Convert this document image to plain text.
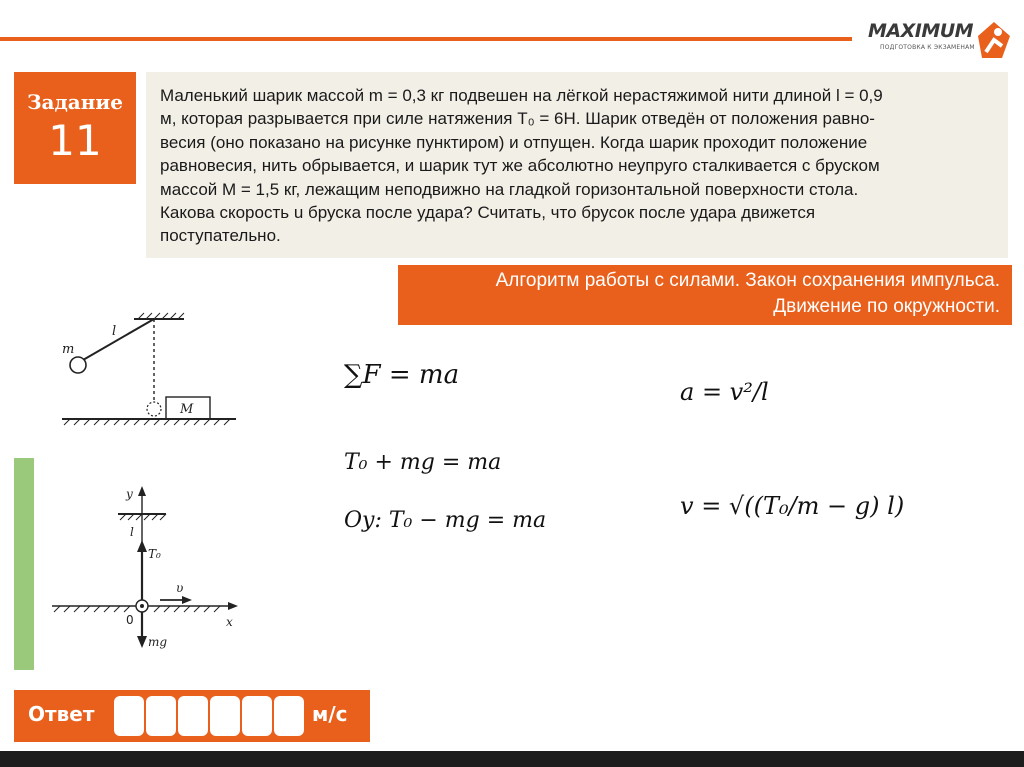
MAXIMUM
ПОДГОТОВКА К ЭКЗАМЕНАМ
Задание
11

Маленький шарик массой m = 0,3 кг подвешен на лёгкой нерастяжимой нити длиной l = 0,9

м, которая разрывается при силе натяжения T₀ = 6Н. Шарик отведён от положения равно-

весия (оно показано на рисунке пунктиром) и отпущен. Когда шарик проходит положение

равновесия, нить обрывается, и шарик тут же абсолютно неупруго сталкивается с бруском

массой M = 1,5 кг, лежащим неподвижно на гладкой горизонтальной поверхности стола.

Какова скорость u бруска после удара? Считать, что брусок после удара движется

поступательно.

Алгоритм работы с силами. Закон сохранения импульса.
Движение по окружности.
m
l
M
y
x
l
T₀
υ
mg
0
∑F = ma
T₀ + mg = ma
Oy: T₀ − mg = ma
a = v²/l
v = √((T₀/m − g) l)
Ответ	м/с
